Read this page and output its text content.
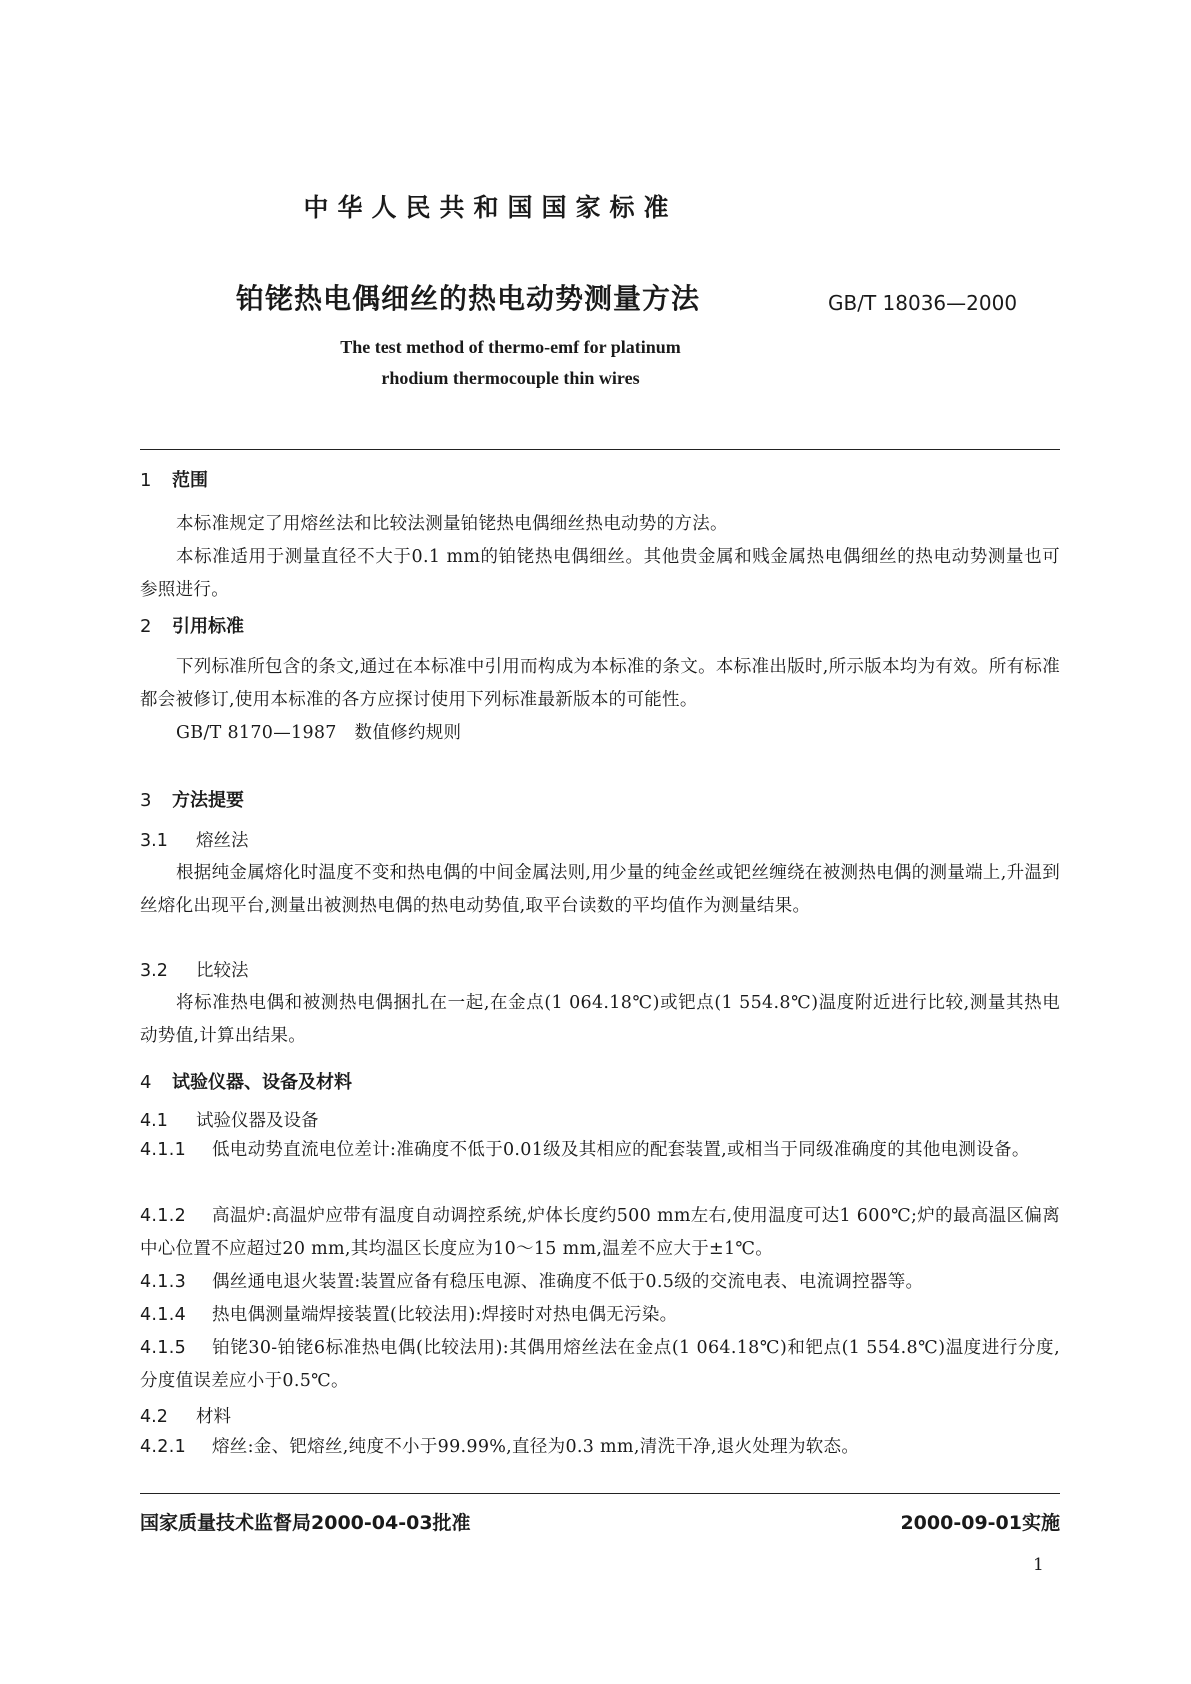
中华人民共和国国家标准
铂铑热电偶细丝的热电动势测量方法	GB/T 18036—2000
The test method of thermo-emf for platinum
rhodium thermocouple thin wires
1 范围
本标准规定了用熔丝法和比较法测量铂铑热电偶细丝热电动势的方法。
本标准适用于测量直径不大于0.1 mm的铂铑热电偶细丝。其他贵金属和贱金属热电偶细丝的热电动势测量也可参照进行。
2 引用标准
下列标准所包含的条文,通过在本标准中引用而构成为本标准的条文。本标准出版时,所示版本均为有效。所有标准都会被修订,使用本标准的各方应探讨使用下列标准最新版本的可能性。
GB/T 8170—1987　数值修约规则
3 方法提要
3.1 熔丝法
根据纯金属熔化时温度不变和热电偶的中间金属法则,用少量的纯金丝或钯丝缠绕在被测热电偶的测量端上,升温到丝熔化出现平台,测量出被测热电偶的热电动势值,取平台读数的平均值作为测量结果。
3.2 比较法
将标准热电偶和被测热电偶捆扎在一起,在金点(1 064.18℃)或钯点(1 554.8℃)温度附近进行比较,测量其热电动势值,计算出结果。
4 试验仪器、设备及材料
4.1 试验仪器及设备
4.1.1 低电动势直流电位差计:准确度不低于0.01级及其相应的配套装置,或相当于同级准确度的其他电测设备。
4.1.2 高温炉:高温炉应带有温度自动调控系统,炉体长度约500 mm左右,使用温度可达1 600℃;炉的最高温区偏离中心位置不应超过20 mm,其均温区长度应为10～15 mm,温差不应大于±1℃。
4.1.3 偶丝通电退火装置:装置应备有稳压电源、准确度不低于0.5级的交流电表、电流调控器等。
4.1.4 热电偶测量端焊接装置(比较法用):焊接时对热电偶无污染。
4.1.5 铂铑30-铂铑6标准热电偶(比较法用):其偶用熔丝法在金点(1 064.18℃)和钯点(1 554.8℃)温度进行分度,分度值误差应小于0.5℃。
4.2 材料
4.2.1 熔丝:金、钯熔丝,纯度不小于99.99%,直径为0.3 mm,清洗干净,退火处理为软态。
国家质量技术监督局2000-04-03批准	2000-09-01实施
1
